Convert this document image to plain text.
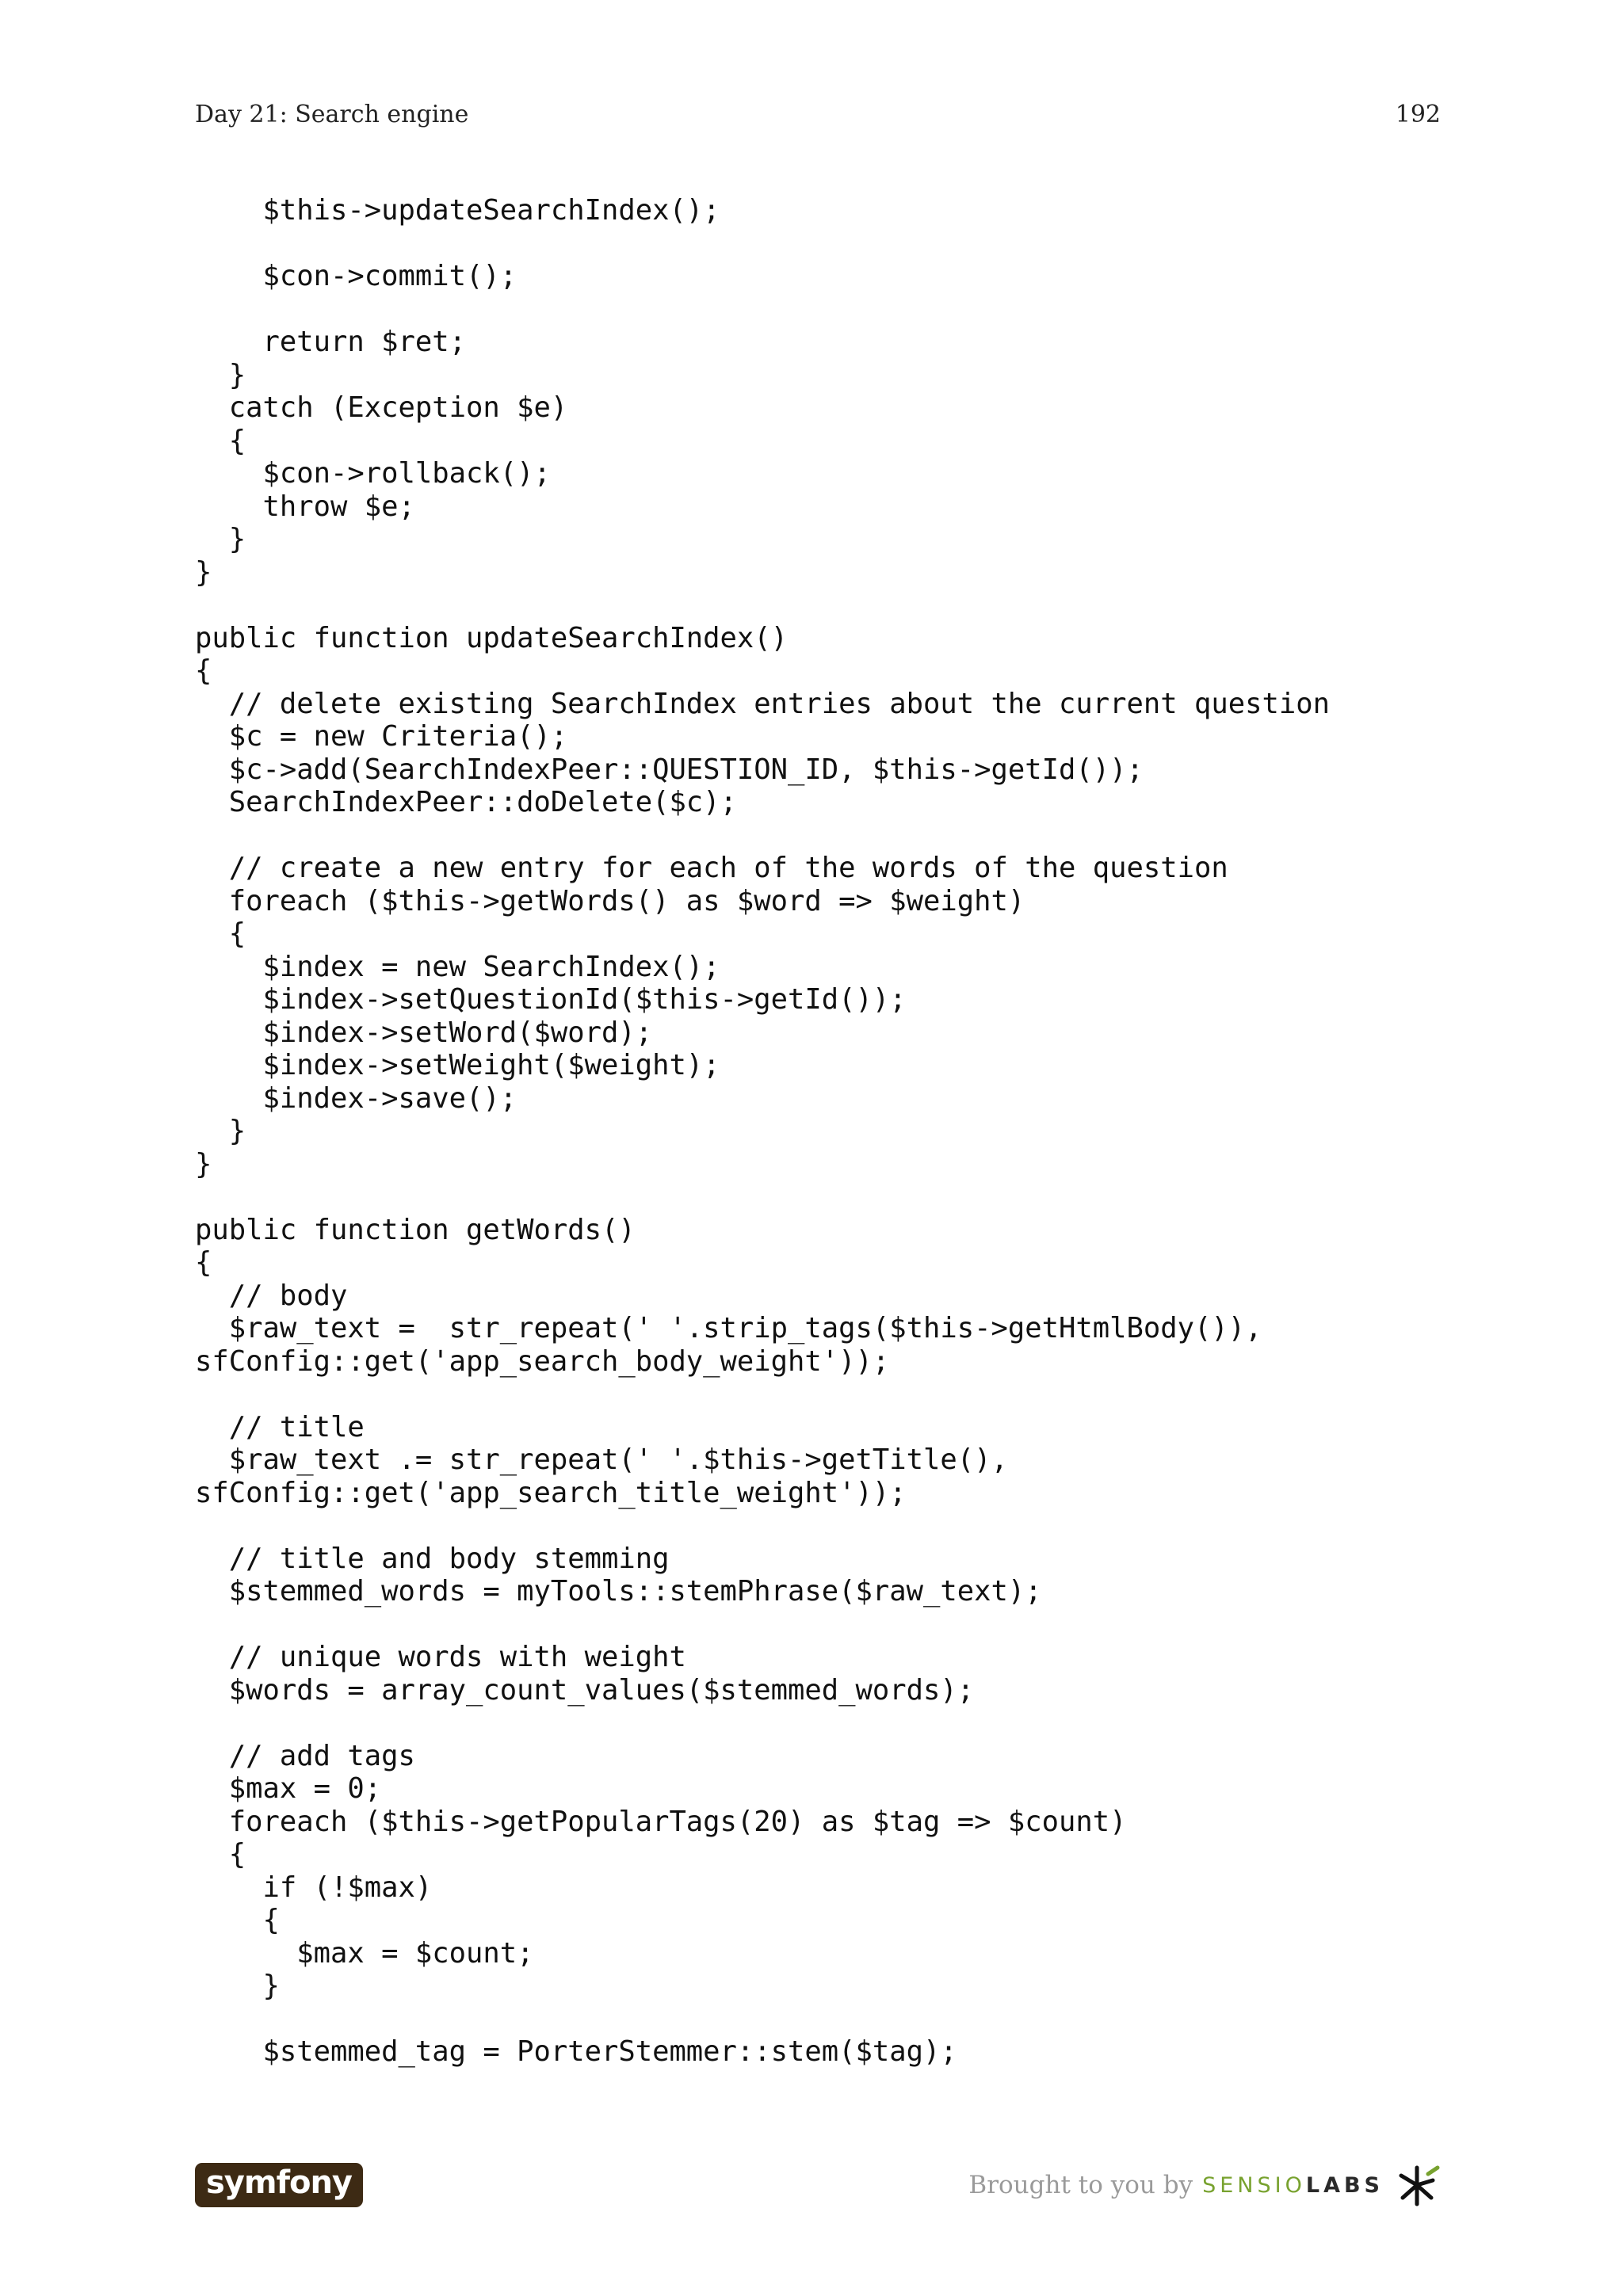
Day 21: Search engine	192
$this->updateSearchIndex();
$con->commit();
return $ret;
}
catch (Exception $e)
{
$con->rollback();
throw $e;
}
}
public function updateSearchIndex()
{
// delete existing SearchIndex entries about the current question
$c = new Criteria();
$c->add(SearchIndexPeer::QUESTION_ID, $this->getId());
SearchIndexPeer::doDelete($c);
// create a new entry for each of the words of the question
foreach ($this->getWords() as $word => $weight)
{
$index = new SearchIndex();
$index->setQuestionId($this->getId());
$index->setWord($word);
$index->setWeight($weight);
$index->save();
}
}
public function getWords()
{
// body
$raw_text =  str_repeat(' '.strip_tags($this->getHtmlBody()),
sfConfig::get('app_search_body_weight'));
// title
$raw_text .= str_repeat(' '.$this->getTitle(),
sfConfig::get('app_search_title_weight'));
// title and body stemming
$stemmed_words = myTools::stemPhrase($raw_text);
// unique words with weight
$words = array_count_values($stemmed_words);
// add tags
$max = 0;
foreach ($this->getPopularTags(20) as $tag => $count)
{
if (!$max)
{
$max = $count;
}
$stemmed_tag = PorterStemmer::stem($tag);
symfony	Brought to you by SENSIOLABS
